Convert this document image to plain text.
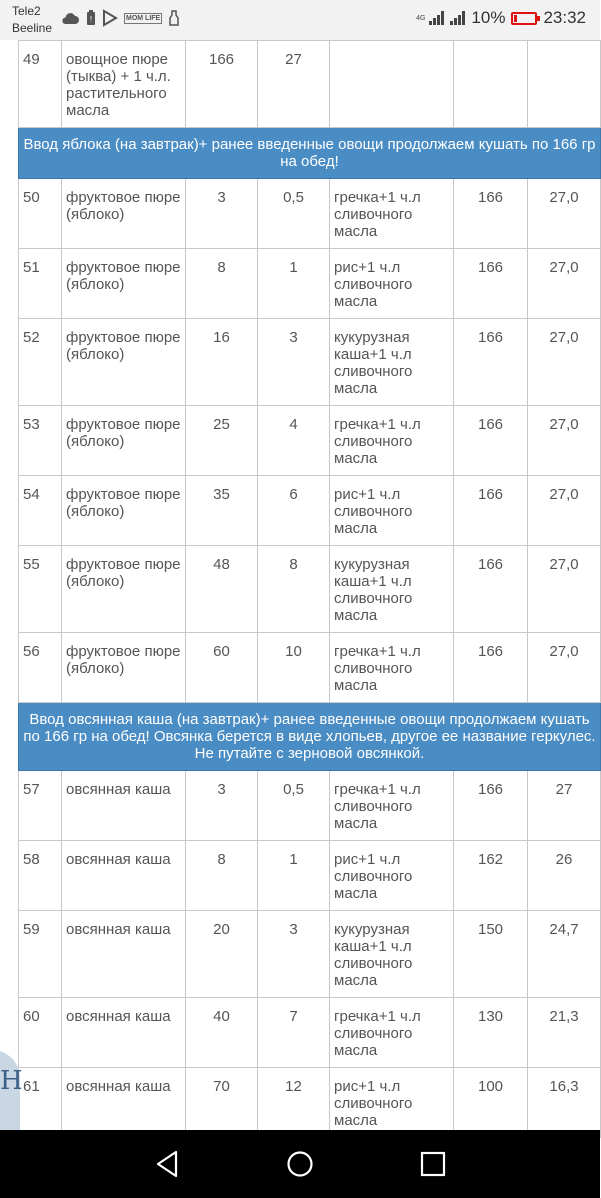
Tele2
Beeline
!	MOM LIFE	4G	10% 23:32
49	овощное пюре (тыква) + 1 ч.л. растительного масла	166	27			
Ввод яблока (на завтрак)+ ранее введенные овощи продолжаем кушать по 166 гр на обед!						
50	фруктовое пюре (яблоко)	3	0,5	гречка+1 ч.л сливочного масла	166	27,0
51	фруктовое пюре (яблоко)	8	1	рис+1 ч.л сливочного масла	166	27,0
52	фруктовое пюре (яблоко)	16	3	кукурузная каша+1 ч.л сливочного масла	166	27,0
53	фруктовое пюре (яблоко)	25	4	гречка+1 ч.л сливочного масла	166	27,0
54	фруктовое пюре (яблоко)	35	6	рис+1 ч.л сливочного масла	166	27,0
55	фруктовое пюре (яблоко)	48	8	кукурузная каша+1 ч.л сливочного масла	166	27,0
56	фруктовое пюре (яблоко)	60	10	гречка+1 ч.л сливочного масла	166	27,0
Ввод овсянная каша (на завтрак)+ ранее введенные овощи продолжаем кушать по 166 гр на обед! Овсянка берется в виде хлопьев, другое ее название геркулес. Не путайте с зерновой овсянкой.						
57	овсянная каша	3	0,5	гречка+1 ч.л сливочного масла	166	27
58	овсянная каша	8	1	рис+1 ч.л сливочного масла	162	26
59	овсянная каша	20	3	кукурузная каша+1 ч.л сливочного масла	150	24,7
60	овсянная каша	40	7	гречка+1 ч.л сливочного масла	130	21,3
61	овсянная каша	70	12	рис+1 ч.л сливочного масла	100	16,3
Н
